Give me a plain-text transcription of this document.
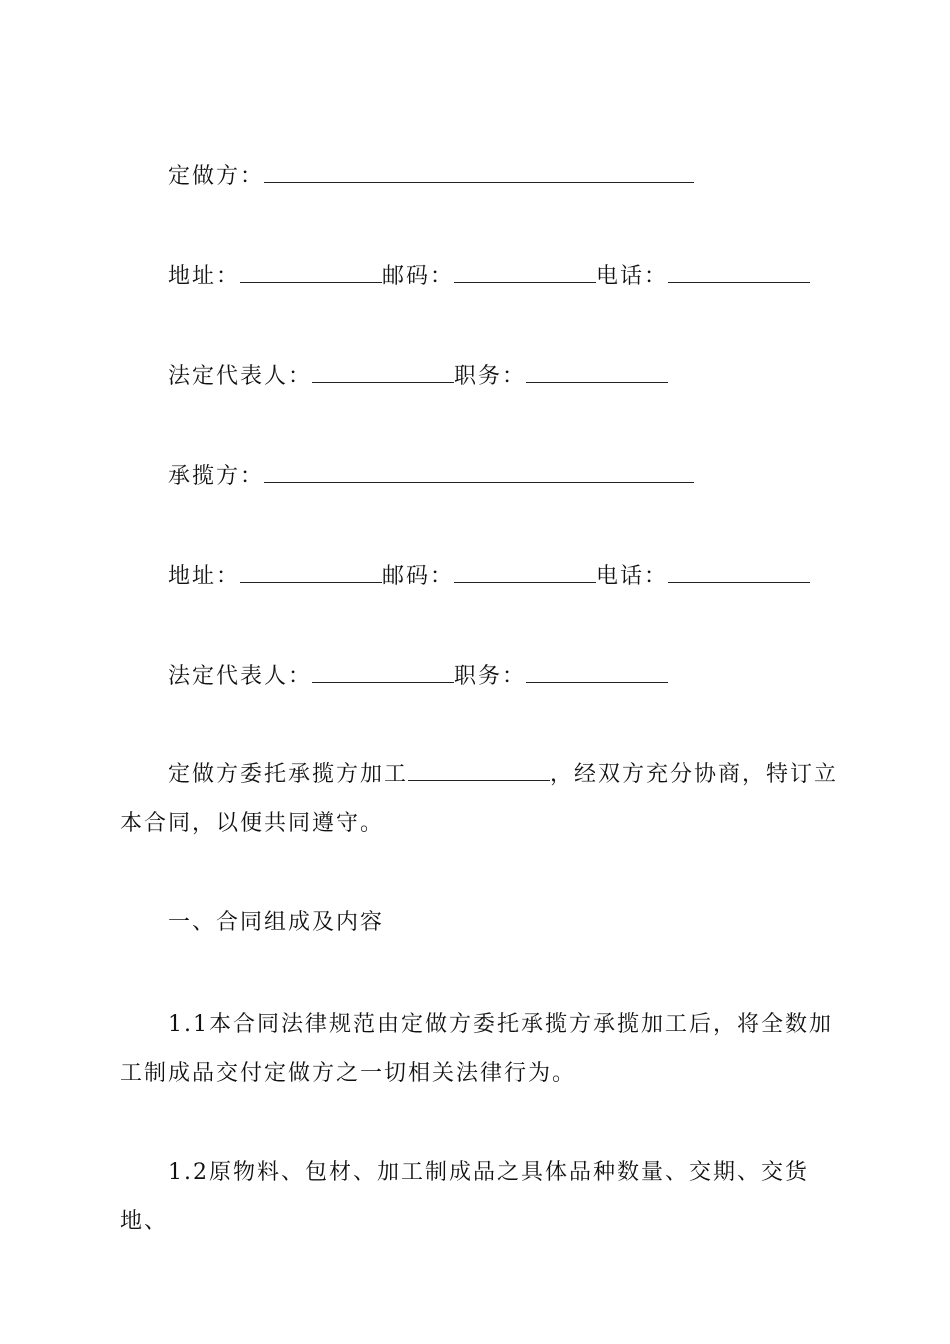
定做方：
地址：	邮码：	电话：
法定代表人：	职务：
承揽方：
地址：	邮码：	电话：
法定代表人：	职务：
定做方委托承揽方加工	，经双方充分协商，特订立本合同，以便共同遵守。
一、合同组成及内容
1.1本合同法律规范由定做方委托承揽方承揽加工后，将全数加工制成品交付定做方之一切相关法律行为。
1.2原物料、包材、加工制成品之具体品种数量、交期、交货地、
